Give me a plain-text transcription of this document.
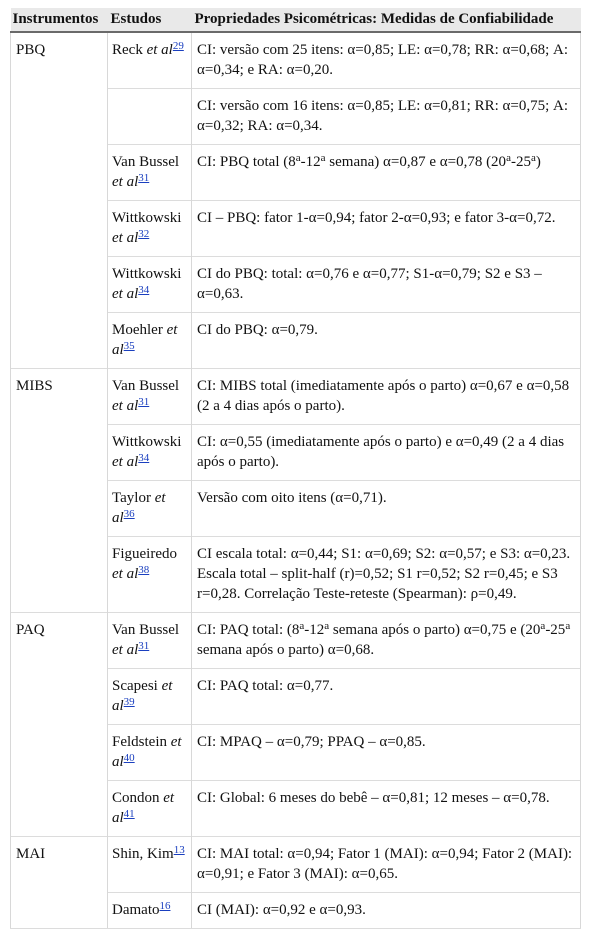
Instrumentos	Estudos	Propriedades Psicométricas: Medidas de Confiabilidade
PBQ	Reck et al$^{29}$	CI: versão com 25 itens: α=0,85; LE: α=0,78; RR: α=0,68; A: α=0,34; e RA: α=0,20.
		CI: versão com 16 itens: α=0,85; LE: α=0,81; RR: α=0,75; A: α=0,32; RA: α=0,34.
	Van Bussel et al$^{31}$	CI: PBQ total (8$^a$-12$^a$ semana) α=0,87 e α=0,78 (20$^a$-25$^a$)
	Wittkowski et al$^{32}$	CI – PBQ: fator 1-α=0,94; fator 2-α=0,93; e fator 3-α=0,72.
	Wittkowski et al$^{34}$	CI do PBQ: total: α=0,76 e α=0,77; S1-α=0,79; S2 e S3 – α=0,63.
	Moehler et al$^{35}$	CI do PBQ: α=0,79.
MIBS	Van Bussel et al$^{31}$	CI: MIBS total (imediatamente após o parto) α=0,67 e α=0,58 (2 a 4 dias após o parto).
	Wittkowski et al$^{34}$	CI: α=0,55 (imediatamente após o parto) e α=0,49 (2 a 4 dias após o parto).
	Taylor et al$^{36}$	Versão com oito itens (α=0,71).
	Figueiredo et al$^{38}$	CI escala total: α=0,44; S1: α=0,69; S2: α=0,57; e S3: α=0,23. Escala total – split-half (r)=0,52; S1 r=0,52; S2 r=0,45; e S3 r=0,28. Correlação Teste-reteste (Spearman): ρ=0,49.
PAQ	Van Bussel et al$^{31}$	CI: PAQ total: (8$^a$-12$^a$ semana após o parto) α=0,75 e (20$^a$-25$^a$ semana após o parto) α=0,68.
	Scapesi et al$^{39}$	CI: PAQ total: α=0,77.
	Feldstein et al$^{40}$	CI: MPAQ – α=0,79; PPAQ – α=0,85.
	Condon et al$^{41}$	CI: Global: 6 meses do bebê – α=0,81; 12 meses – α=0,78.
MAI	Shin, Kim$^{13}$	CI: MAI total: α=0,94; Fator 1 (MAI): α=0,94; Fator 2 (MAI): α=0,91; e Fator 3 (MAI): α=0,65.
	Damato$^{16}$	CI (MAI): α=0,92 e α=0,93.
